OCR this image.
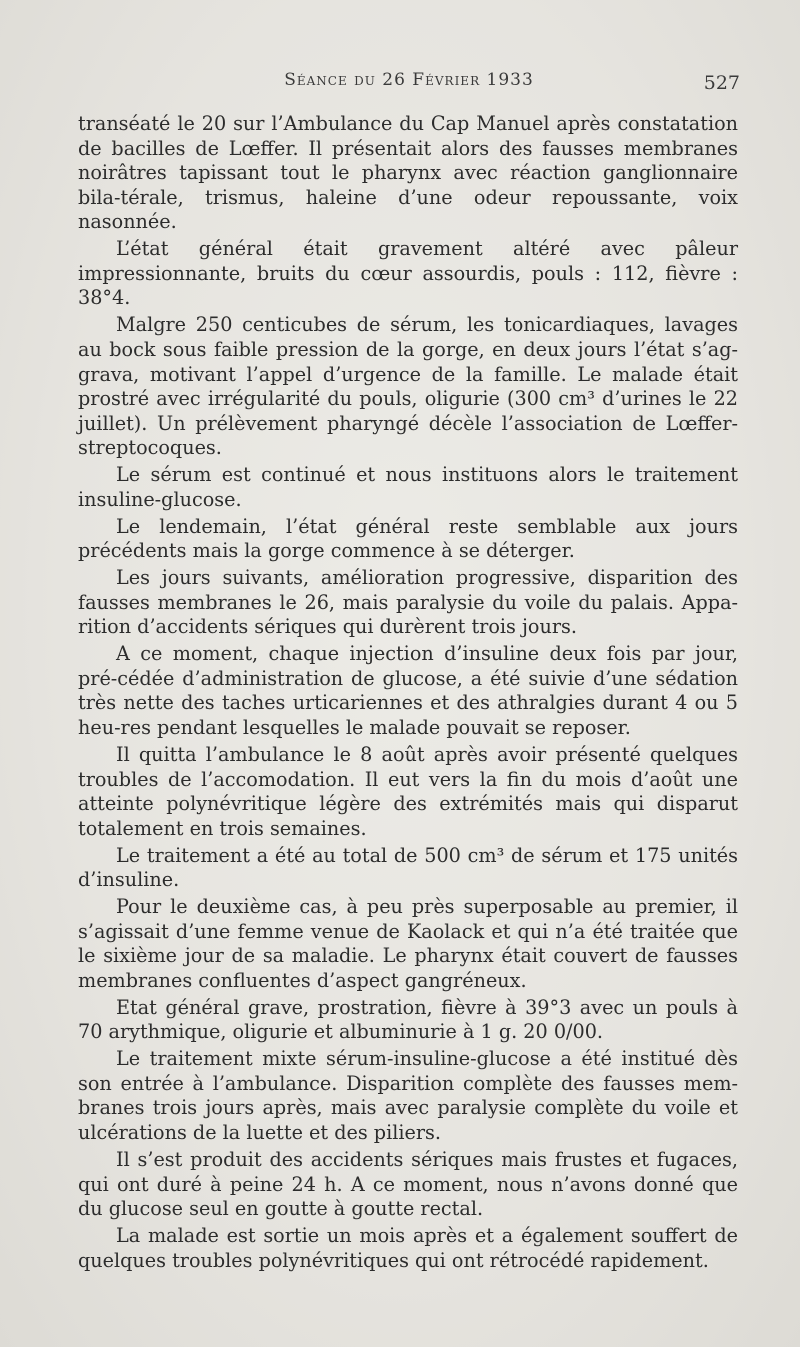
Séance du 26 Février 1933	527

transéaté le 20 sur l’Ambulance du Cap Manuel après constatation de bacilles de Lœffer. Il présentait alors des fausses membranes noirâtres tapissant tout le pharynx avec réaction ganglionnaire bila-térale, trismus, haleine d’une odeur repoussante, voix nasonnée.

L’état général était gravement altéré avec pâleur impressionnante, bruits du cœur assourdis, pouls : 112, fièvre : 38°4.

Malgre 250 centicubes de sérum, les tonicardiaques, lavages au bock sous faible pression de la gorge, en deux jours l’état s’ag-grava, motivant l’appel d’urgence de la famille. Le malade était prostré avec irrégularité du pouls, oligurie (300 cm³ d’urines le 22 juillet). Un prélèvement pharyngé décèle l’association de Lœffer-streptocoques.

Le sérum est continué et nous instituons alors le traitement insuline-glucose.

Le lendemain, l’état général reste semblable aux jours précédents mais la gorge commence à se déterger.

Les jours suivants, amélioration progressive, disparition des fausses membranes le 26, mais paralysie du voile du palais. Appa-rition d’accidents sériques qui durèrent trois jours.

A ce moment, chaque injection d’insuline deux fois par jour, pré-cédée d’administration de glucose, a été suivie d’une sédation très nette des taches urticariennes et des athralgies durant 4 ou 5 heu-res pendant lesquelles le malade pouvait se reposer.

Il quitta l’ambulance le 8 août après avoir présenté quelques troubles de l’accomodation. Il eut vers la fin du mois d’août une atteinte polynévritique légère des extrémités mais qui disparut totalement en trois semaines.

Le traitement a été au total de 500 cm³ de sérum et 175 unités d’insuline.

Pour le deuxième cas, à peu près superposable au premier, il s’agissait d’une femme venue de Kaolack et qui n’a été traitée que le sixième jour de sa maladie. Le pharynx était couvert de fausses membranes confluentes d’aspect gangréneux.

Etat général grave, prostration, fièvre à 39°3 avec un pouls à 70 arythmique, oligurie et albuminurie à 1 g. 20 0/00.

Le traitement mixte sérum-insuline-glucose a été institué dès son entrée à l’ambulance. Disparition complète des fausses mem-branes trois jours après, mais avec paralysie complète du voile et ulcérations de la luette et des piliers.

Il s’est produit des accidents sériques mais frustes et fugaces, qui ont duré à peine 24 h. A ce moment, nous n’avons donné que du glucose seul en goutte à goutte rectal.

La malade est sortie un mois après et a également souffert de quelques troubles polynévritiques qui ont rétrocédé rapidement.
